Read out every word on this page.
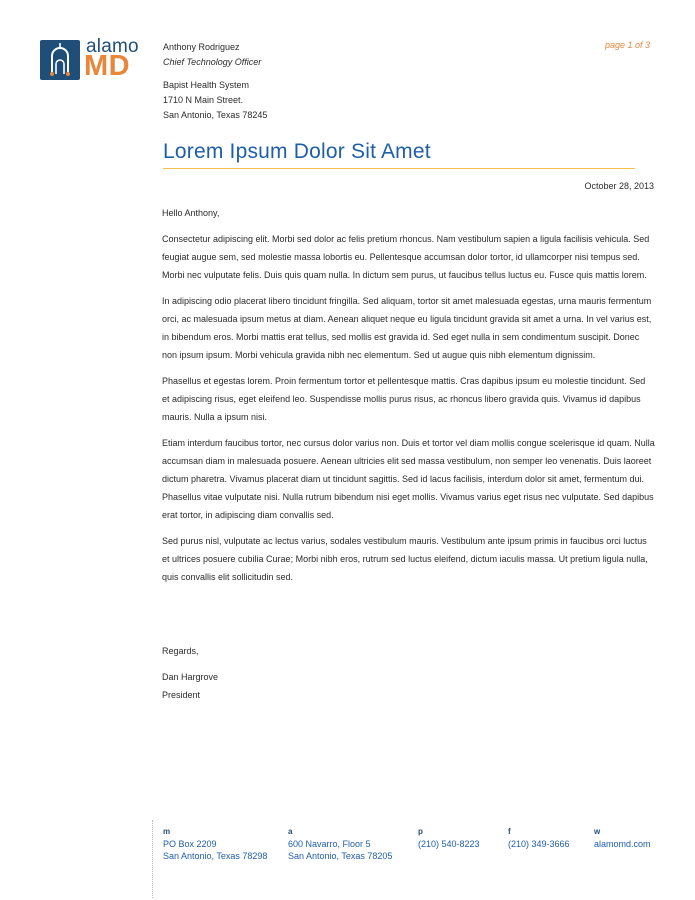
alamo
MD
Anthony Rodriguez
Chief Technology Officer
Bapist Health System
1710 N Main Street.
San Antonio, Texas 78245
page 1 of 3
Lorem Ipsum Dolor Sit Amet
October 28, 2013

Hello Anthony,

Consectetur adipiscing elit. Morbi sed dolor ac felis pretium rhoncus. Nam vestibulum sapien a ligula facilisis vehicula. Sed feugiat augue sem, sed molestie massa lobortis eu. Pellentesque accumsan dolor tortor, id ullamcorper nisi tempus sed. Morbi nec vulputate felis. Duis quis quam nulla. In dictum sem purus, ut faucibus tellus luctus eu. Fusce quis mattis lorem.

In adipiscing odio placerat libero tincidunt fringilla. Sed aliquam, tortor sit amet malesuada egestas, urna mauris fermentum orci, ac malesuada ipsum metus at diam. Aenean aliquet neque eu ligula tincidunt gravida sit amet a urna. In vel varius est, in bibendum eros. Morbi mattis erat tellus, sed mollis est gravida id. Sed eget nulla in sem condimentum suscipit. Donec non ipsum ipsum. Morbi vehicula gravida nibh nec elementum. Sed ut augue quis nibh elementum dignissim.

Phasellus et egestas lorem. Proin fermentum tortor et pellentesque mattis. Cras dapibus ipsum eu molestie tincidunt. Sed et adipiscing risus, eget eleifend leo. Suspendisse mollis purus risus, ac rhoncus libero gravida quis. Vivamus id dapibus mauris. Nulla a ipsum nisi.

Etiam interdum faucibus tortor, nec cursus dolor varius non. Duis et tortor vel diam mollis congue scelerisque id quam. Nulla accumsan diam in malesuada posuere. Aenean ultricies elit sed massa vestibulum, non semper leo venenatis. Duis laoreet dictum pharetra. Vivamus placerat diam ut tincidunt sagittis. Sed id lacus facilisis, interdum dolor sit amet, fermentum dui. Phasellus vitae vulputate nisi. Nulla rutrum bibendum nisi eget mollis. Vivamus varius eget risus nec vulputate. Sed dapibus erat tortor, in adipiscing diam convallis sed.

Sed purus nisl, vulputate ac lectus varius, sodales vestibulum mauris. Vestibulum ante ipsum primis in faucibus orci luctus et ultrices posuere cubilia Curae; Morbi nibh eros, rutrum sed luctus eleifend, dictum iaculis massa. Ut pretium ligula nulla, quis convallis elit sollicitudin sed.

Regards,
Dan Hargrove
President
m
PO Box 2209
San Antonio, Texas 78298
a
600 Navarro, Floor 5
San Antonio, Texas 78205
p
(210) 540-8223
f
(210) 349-3666
w
alamomd.com
